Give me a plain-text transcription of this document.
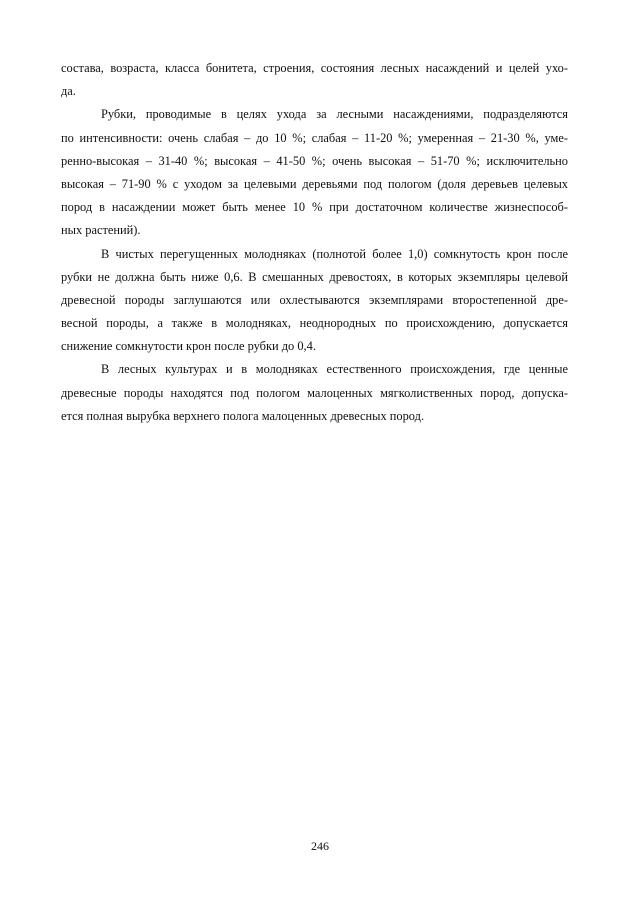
состава, возраста, класса бонитета, строения, состояния лесных насаждений и целей ухо-
да.
Рубки, проводимые в целях ухода за лесными насаждениями, подразделяются
по интенсивности: очень слабая – до 10 %; слабая – 11-20 %; умеренная – 21-30 %, уме-
ренно-высокая – 31-40 %; высокая – 41-50 %; очень высокая – 51-70 %; исключительно
высокая – 71-90 % с уходом за целевыми деревьями под пологом (доля деревьев целевых
пород в насаждении может быть менее 10 % при достаточном количестве жизнеспособ-
ных растений).
В чистых перегущенных молодняках (полнотой более 1,0) сомкнутость крон после
рубки не должна быть ниже 0,6. В смешанных древостоях, в которых экземпляры целевой
древесной породы заглушаются или охлестываются экземплярами второстепенной дре-
весной породы, а также в молодняках, неоднородных по происхождению, допускается
снижение сомкнутости крон после рубки до 0,4.
В лесных культурах и в молодняках естественного происхождения, где ценные
древесные породы находятся под пологом малоценных мягколиственных пород, допуска-
ется полная вырубка верхнего полога малоценных древесных пород.
246
